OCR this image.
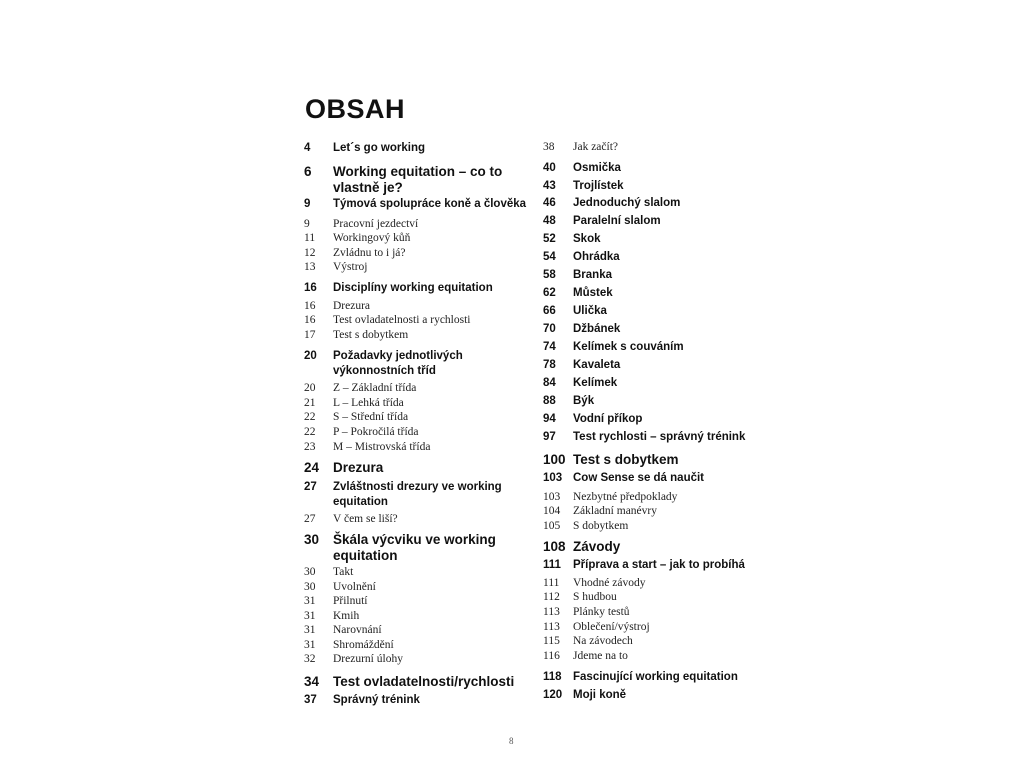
OBSAH
4	Let´s go working
6	Working equitation – co to vlastně je?
9	Týmová spolupráce koně a člověka
9	Pracovní jezdectví
11	Workingový kůň
12	Zvládnu to i já?
13	Výstroj
16	Disciplíny working equitation
16	Drezura
16	Test ovladatelnosti a rychlosti
17	Test s dobytkem
20	Požadavky jednotlivých výkonnostních tříd
20	Z – Základní třída
21	L – Lehká třída
22	S – Střední třída
22	P – Pokročilá třída
23	M – Mistrovská třída
24	Drezura
27	Zvláštnosti drezury ve working equitation
27	V čem se liší?
30	Škála výcviku ve working equitation
30	Takt
30	Uvolnění
31	Přilnutí
31	Kmih
31	Narovnání
31	Shromáždění
32	Drezurní úlohy
34	Test ovladatelnosti/rychlosti
37	Správný trénink
38	Jak začít?
40	Osmička
43	Trojlístek
46	Jednoduchý slalom
48	Paralelní slalom
52	Skok
54	Ohrádka
58	Branka
62	Můstek
66	Ulička
70	Džbánek
74	Kelímek s couváním
78	Kavaleta
84	Kelímek
88	Býk
94	Vodní příkop
97	Test rychlosti – správný trénink
100 Test s dobytkem
103 Cow Sense se dá naučit
103	Nezbytné předpoklady
104	Základní manévry
105	S dobytkem
108 Závody
111	Příprava a start – jak to probíhá
111	Vhodné závody
112	S hudbou
113	Plánky testů
113	Oblečení/výstroj
115	Na závodech
116	Jdeme na to
118 Fascinující working equitation
120 Moji koně
8
